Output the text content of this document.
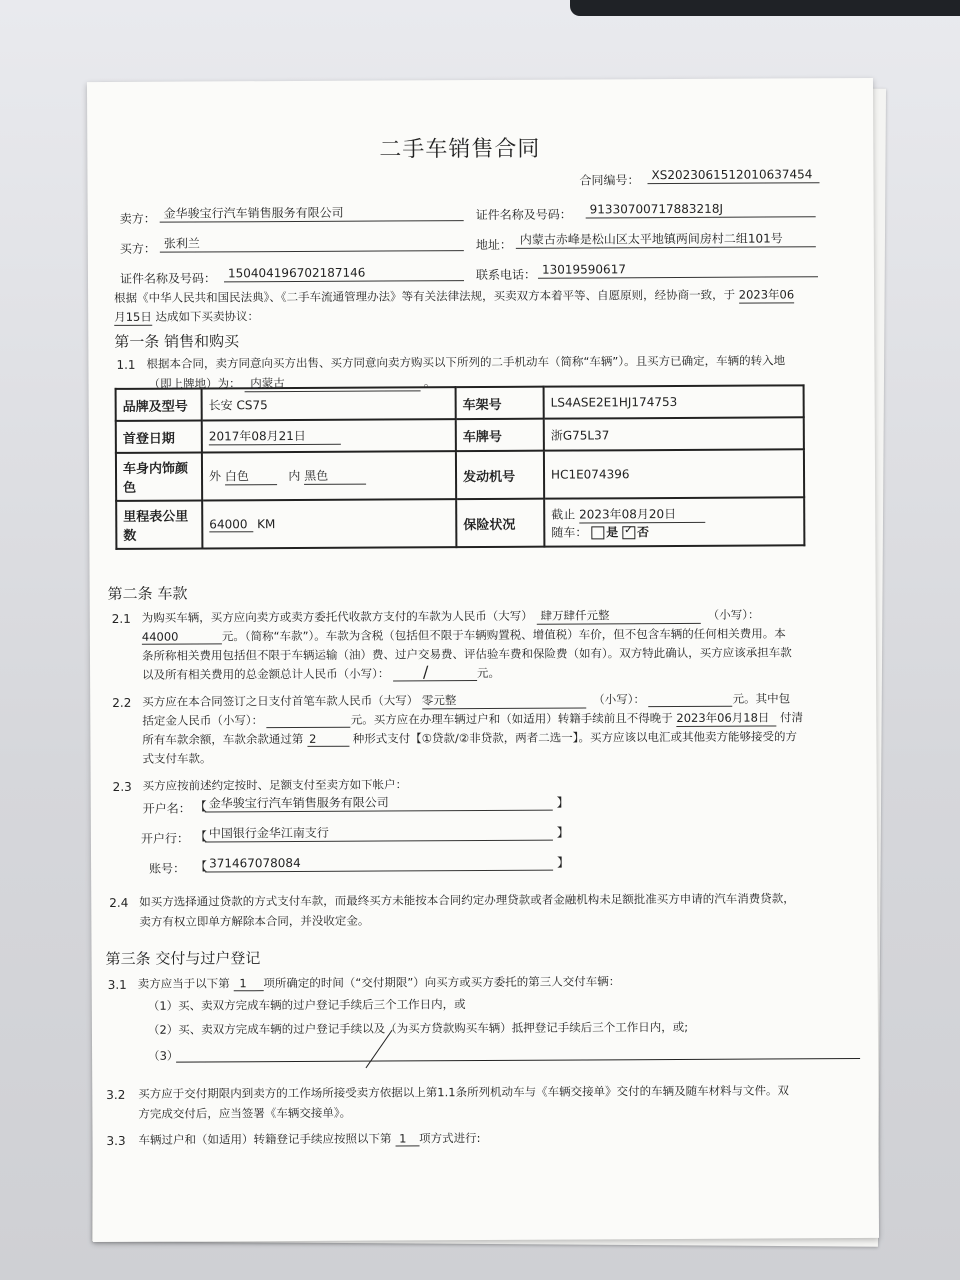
二手车销售合同
合同编号： XS2023061512010637454
卖方： 金华骏宝行汽车销售服务有限公司	证件名称及号码：	91330700717883218J
买方： 张利兰	地址： 内蒙古赤峰是松山区太平地镇两间房村二组101号
证件名称及号码： 150404196702187146	联系电话： 13019590617
根据《中华人民共和国民法典》、《二手车流通管理办法》等有关法律法规，买卖双方本着平等、自愿原则，经协商一致，于 2023年06
月15日 达成如下买卖协议：
第一条 销售和购买
1.1 根据本合同，卖方同意向买方出售、买方同意向卖方购买以下所列的二手机动车（简称“车辆”）。且买方已确定，车辆的转入地
（即上牌地）为： 内蒙古	。
品牌及型号	长安 CS75	车架号	LS4ASE2E1HJ174753
首登日期	2017年08月21日	车牌号	浙G75L37
车身内饰颜色	外 白色 内 黑色	发动机号	HC1E074396
里程表公里数	64000 KM	保险状况	截止 2023年08月20日
随车： 是 ✓ 否
第二条 车款
2.1 为购买车辆，买方应向卖方或卖方委托代收款方支付的车款为人民币（大写） 肆万肆仟元整	（小写）：
44000	元。（简称“车款”）。车款为含税（包括但不限于车辆购置税、增值税）车价，但不包含车辆的任何相关费用。本
条所称相关费用包括但不限于车辆运输（油）费、过户交易费、评估验车费和保险费（如有）。双方特此确认，买方应该承担车款
以及所有相关费用的总金额总计人民币（小写）： /	元。
2.2 买方应在本合同签订之日支付首笔车款人民币（大写） 零元整	（小写）：	元。其中包
括定金人民币（小写）：	元。买方应在办理车辆过户和（如适用）转籍手续前且不得晚于 2023年06月18日 付清
所有车款余额，车款余款通过第 2	种形式支付【①贷款/②非贷款，两者二选一】。买方应该以电汇或其他卖方能够接受的方
式支付车款。
2.3 买方应按前述约定按时、足额支付至卖方如下帐户：
开户名： 【 金华骏宝行汽车销售服务有限公司	】
开户行： 【 中国银行金华江南支行	】
账号： 【 371467078084	】
2.4 如买方选择通过贷款的方式支付车款，而最终买方未能按本合同约定办理贷款或者金融机构未足额批准买方申请的汽车消费贷款，
卖方有权立即单方解除本合同，并没收定金。
第三条 交付与过户登记
3.1 卖方应当于以下第 1 项所确定的时间（“交付期限”）向买方或买方委托的第三人交付车辆：
（1）买、卖双方完成车辆的过户登记手续后三个工作日内，或
（2）买、卖双方完成车辆的过户登记手续以及（为买方贷款购买车辆）抵押登记手续后三个工作日内，或;
（3）
3.2 买方应于交付期限内到卖方的工作场所接受卖方依据以上第1.1条所列机动车与《车辆交接单》交付的车辆及随车材料与文件。双
方完成交付后，应当签署《车辆交接单》。
3.3 车辆过户和（如适用）转籍登记手续应按照以下第 1 项方式进行:
